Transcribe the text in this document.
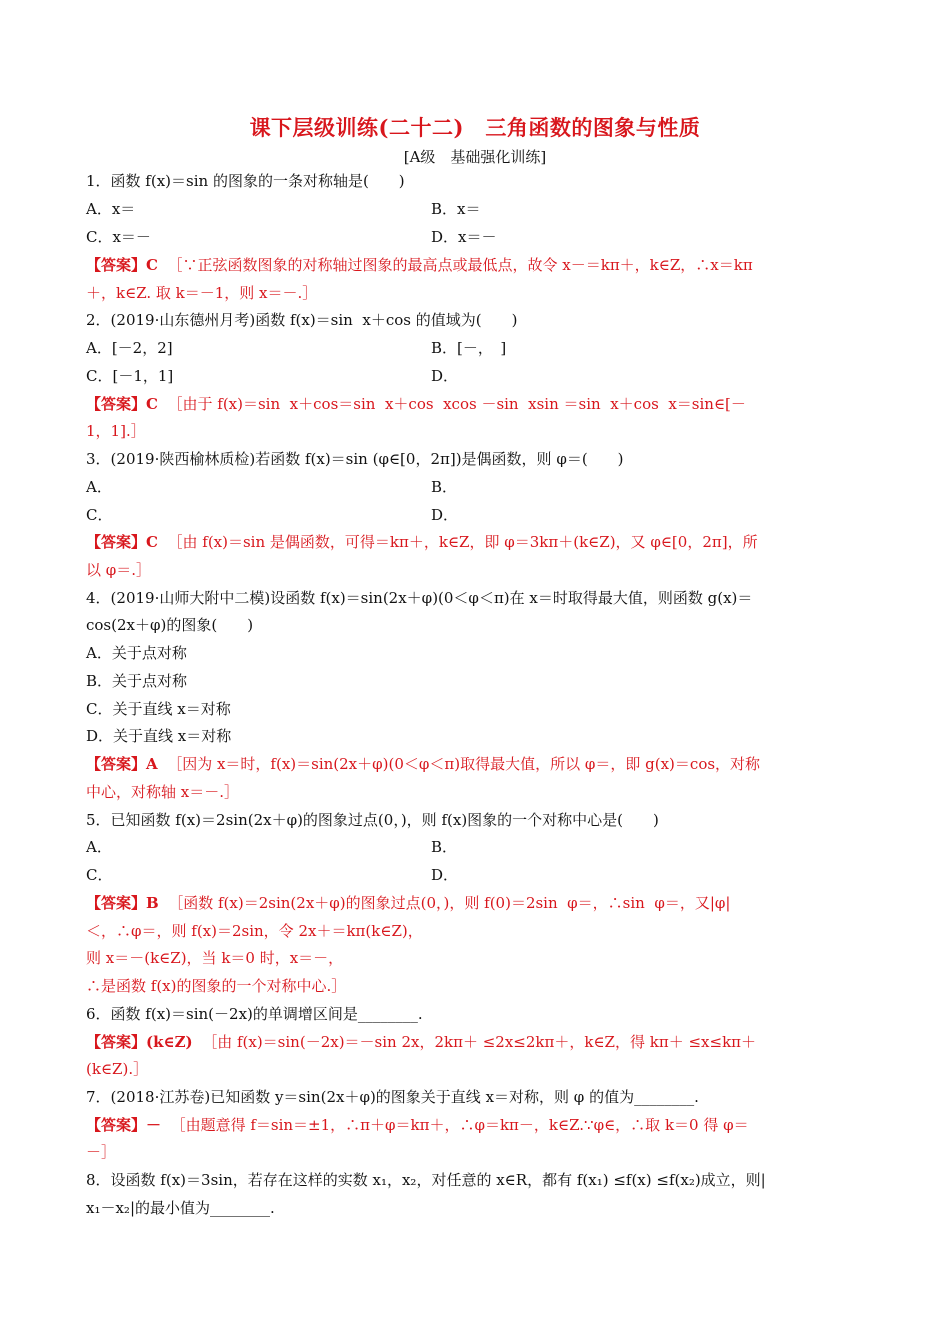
课下层级训练(二十二)　三角函数的图象与性质
[A级　基础强化训练]
1．函数 f(x)＝sin 的图象的一条对称轴是(　　)
A．x＝	B．x＝
C．x＝－	D．x＝－
【答案】C ［∵正弦函数图象的对称轴过图象的最高点或最低点，故令 x－＝kπ＋，k∈Z，∴x＝kπ
＋，k∈Z. 取 k＝－1，则 x＝－.］
2．(2019·山东德州月考)函数 f(x)＝sin  x＋cos 的值域为(　　)
A．[－2，2]	B．[－，　]
C．[－1，1]	D．
【答案】C ［由于 f(x)＝sin  x＋cos＝sin  x＋cos  xcos －sin  xsin ＝sin  x＋cos  x＝sin∈[－
1，1].］
3．(2019·陕西榆林质检)若函数 f(x)＝sin (φ∈[0，2π])是偶函数，则 φ＝(　　)
A．	B．
C．	D．
【答案】C ［由 f(x)＝sin 是偶函数，可得＝kπ＋，k∈Z，即 φ＝3kπ＋(k∈Z)，又 φ∈[0，2π]，所
以 φ＝.］
4．(2019·山师大附中二模)设函数 f(x)＝sin(2x＋φ)(0＜φ＜π)在 x＝时取得最大值，则函数 g(x)＝
cos(2x＋φ)的图象(　　)
A．关于点对称
B．关于点对称
C．关于直线 x＝对称
D．关于直线 x＝对称
【答案】A ［因为 x＝时，f(x)＝sin(2x＋φ)(0＜φ＜π)取得最大值，所以 φ＝，即 g(x)＝cos，对称
中心，对称轴 x＝－.］
5．已知函数 f(x)＝2sin(2x＋φ)的图象过点(0，)，则 f(x)图象的一个对称中心是(　　)
A．	B．
C．	D．
【答案】B ［函数 f(x)＝2sin(2x＋φ)的图象过点(0，)，则 f(0)＝2sin  φ＝，∴sin  φ＝，又|φ|
＜，∴φ＝，则 f(x)＝2sin，令 2x＋＝kπ(k∈Z)，
则 x＝－(k∈Z)，当 k＝0 时，x＝－，
∴是函数 f(x)的图象的一个对称中心.］
6．函数 f(x)＝sin(－2x)的单调增区间是________.
【答案】(k∈Z) ［由 f(x)＝sin(－2x)＝－sin 2x，2kπ＋ ≤2x≤2kπ＋，k∈Z，得 kπ＋ ≤x≤kπ＋
(k∈Z).］
7．(2018·江苏卷)已知函数 y＝sin(2x＋φ)的图象关于直线 x＝对称，则 φ 的值为________.
【答案】－ ［由题意得 f＝sin＝±1，∴π＋φ＝kπ＋，∴φ＝kπ－，k∈Z.∵φ∈，∴取 k＝0 得 φ＝
－］
8．设函数 f(x)＝3sin，若存在这样的实数 x₁，x₂，对任意的 x∈R，都有 f(x₁) ≤f(x) ≤f(x₂)成立，则|
x₁－x₂|的最小值为________.
